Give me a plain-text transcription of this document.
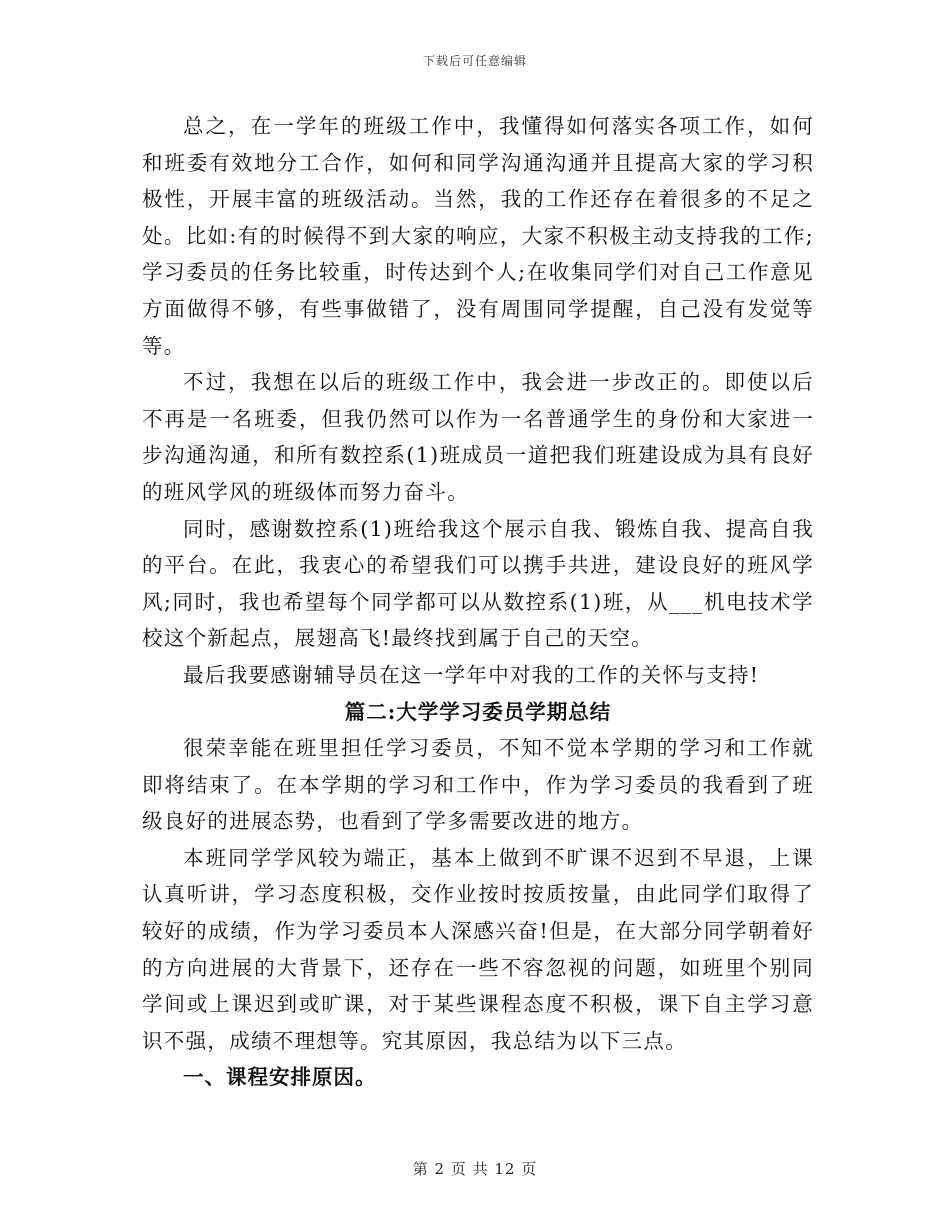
下载后可任意编辑

总之，在一学年的班级工作中，我懂得如何落实各项工作，如何和班委有效地分工合作，如何和同学沟通沟通并且提高大家的学习积极性，开展丰富的班级活动。当然，我的工作还存在着很多的不足之处。比如:有的时候得不到大家的响应，大家不积极主动支持我的工作;学习委员的任务比较重，时传达到个人;在收集同学们对自己工作意见方面做得不够，有些事做错了，没有周围同学提醒，自己没有发觉等等。

不过，我想在以后的班级工作中，我会进一步改正的。即使以后不再是一名班委，但我仍然可以作为一名普通学生的身份和大家进一步沟通沟通，和所有数控系(1)班成员一道把我们班建设成为具有良好的班风学风的班级体而努力奋斗。

同时，感谢数控系(1)班给我这个展示自我、锻炼自我、提高自我的平台。在此，我衷心的希望我们可以携手共进，建设良好的班风学风;同时，我也希望每个同学都可以从数控系(1)班，从___机电技术学校这个新起点，展翅高飞!最终找到属于自己的天空。

最后我要感谢辅导员在这一学年中对我的工作的关怀与支持!

篇二:大学学习委员学期总结

很荣幸能在班里担任学习委员，不知不觉本学期的学习和工作就即将结束了。在本学期的学习和工作中，作为学习委员的我看到了班级良好的进展态势，也看到了学多需要改进的地方。

本班同学学风较为端正，基本上做到不旷课不迟到不早退，上课认真听讲，学习态度积极，交作业按时按质按量，由此同学们取得了较好的成绩，作为学习委员本人深感兴奋!但是，在大部分同学朝着好的方向进展的大背景下，还存在一些不容忽视的问题，如班里个别同学间或上课迟到或旷课，对于某些课程态度不积极，课下自主学习意识不强，成绩不理想等。究其原因，我总结为以下三点。

一、课程安排原因。

第 2 页 共 12 页
